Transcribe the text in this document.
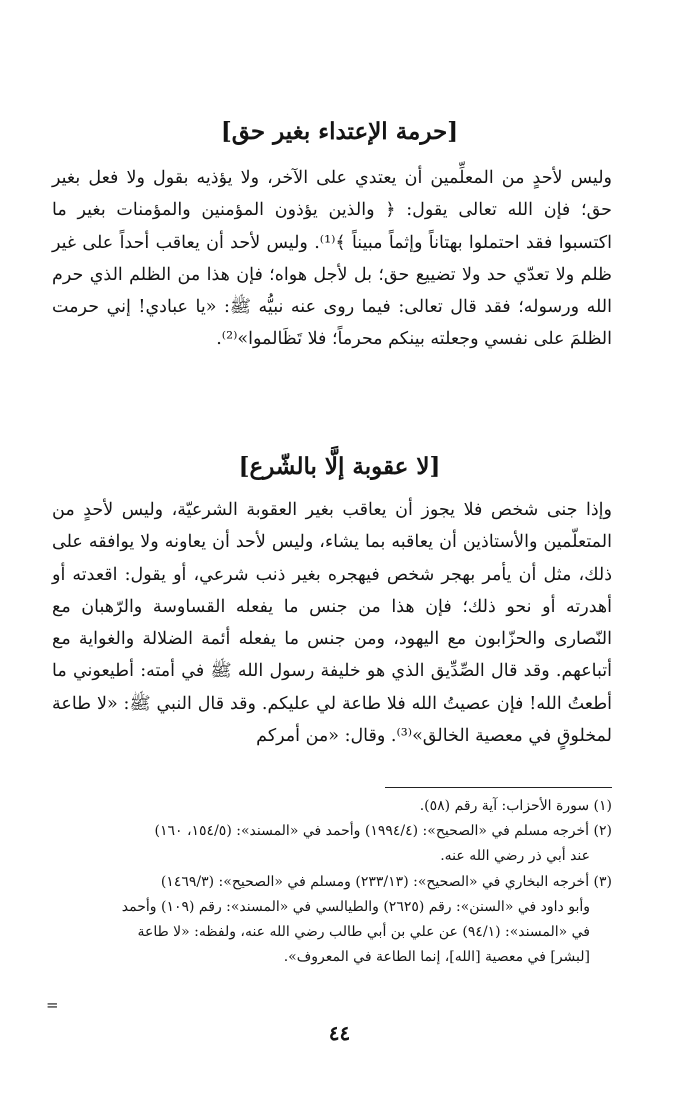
[حرمة الإعتداء بغير حق]

وليس لأحدٍ من المعلِّمين أن يعتدي على الآخر، ولا يؤذيه بقول ولا فعل بغير حق؛ فإن الله تعالى يقول: ﴿ والذين يؤذون المؤمنين والمؤمنات بغير ما اكتسبوا فقد احتملوا بهتاناً وإثماً مبيناً ﴾⁽¹⁾. وليس لأحد أن يعاقب أحداً على غير ظلم ولا تعدّي حد ولا تضييع حق؛ بل لأجل هواه؛ فإن هذا من الظلم الذي حرم الله ورسوله؛ فقد قال تعالى: فيما روى عنه نبيُّه ﷺ: «يا عبادي! إني حرمت الظلمَ على نفسي وجعلته بينكم محرماً؛ فلا تَظَالموا»⁽²⁾.

[لا عقوبة إلَّا بالشّرع]

وإذا جنى شخص فلا يجوز أن يعاقب بغير العقوبة الشرعيّة، وليس لأحدٍ من المتعلّمين والأستاذين أن يعاقبه بما يشاء، وليس لأحد أن يعاونه ولا يوافقه على ذلك، مثل أن يأمر بهجر شخص فيهجره بغير ذنب شرعي، أو يقول: اقعدته أو أهدرته أو نحو ذلك؛ فإن هذا من جنس ما يفعله القساوسة والرّهبان مع النّصارى والحزّابون مع اليهود، ومن جنس ما يفعله أئمة الضلالة والغواية مع أتباعهم. وقد قال الصِّدِّيق الذي هو خليفة رسول الله ﷺ في أمته: أطيعوني ما أطعتُ الله! فإن عصيتُ الله فلا طاعة لي عليكم. وقد قال النبي ﷺ: «لا طاعة لمخلوقٍ في معصية الخالق»⁽³⁾. وقال: «من أمركم

(١) سورة الأحزاب: آية رقم (٥٨).

(٢) أخرجه مسلم في «الصحيح»: (١٩٩٤/٤) وأحمد في «المسند»: (١٥٤/٥، ١٦٠)

عند أبي ذر رضي الله عنه.

(٣) أخرجه البخاري في «الصحيح»: (٢٣٣/١٣) ومسلم في «الصحيح»: (١٤٦٩/٣)

وأبو داود في «السنن»: رقم (٢٦٢٥) والطيالسي في «المسند»: رقم (١٠٩) وأحمد

في «المسند»: (٩٤/١) عن علي بن أبي طالب رضي الله عنه، ولفظه: «لا طاعة

[لبشر] في معصية [الله]، إنما الطاعة في المعروف».

=
٤٤
